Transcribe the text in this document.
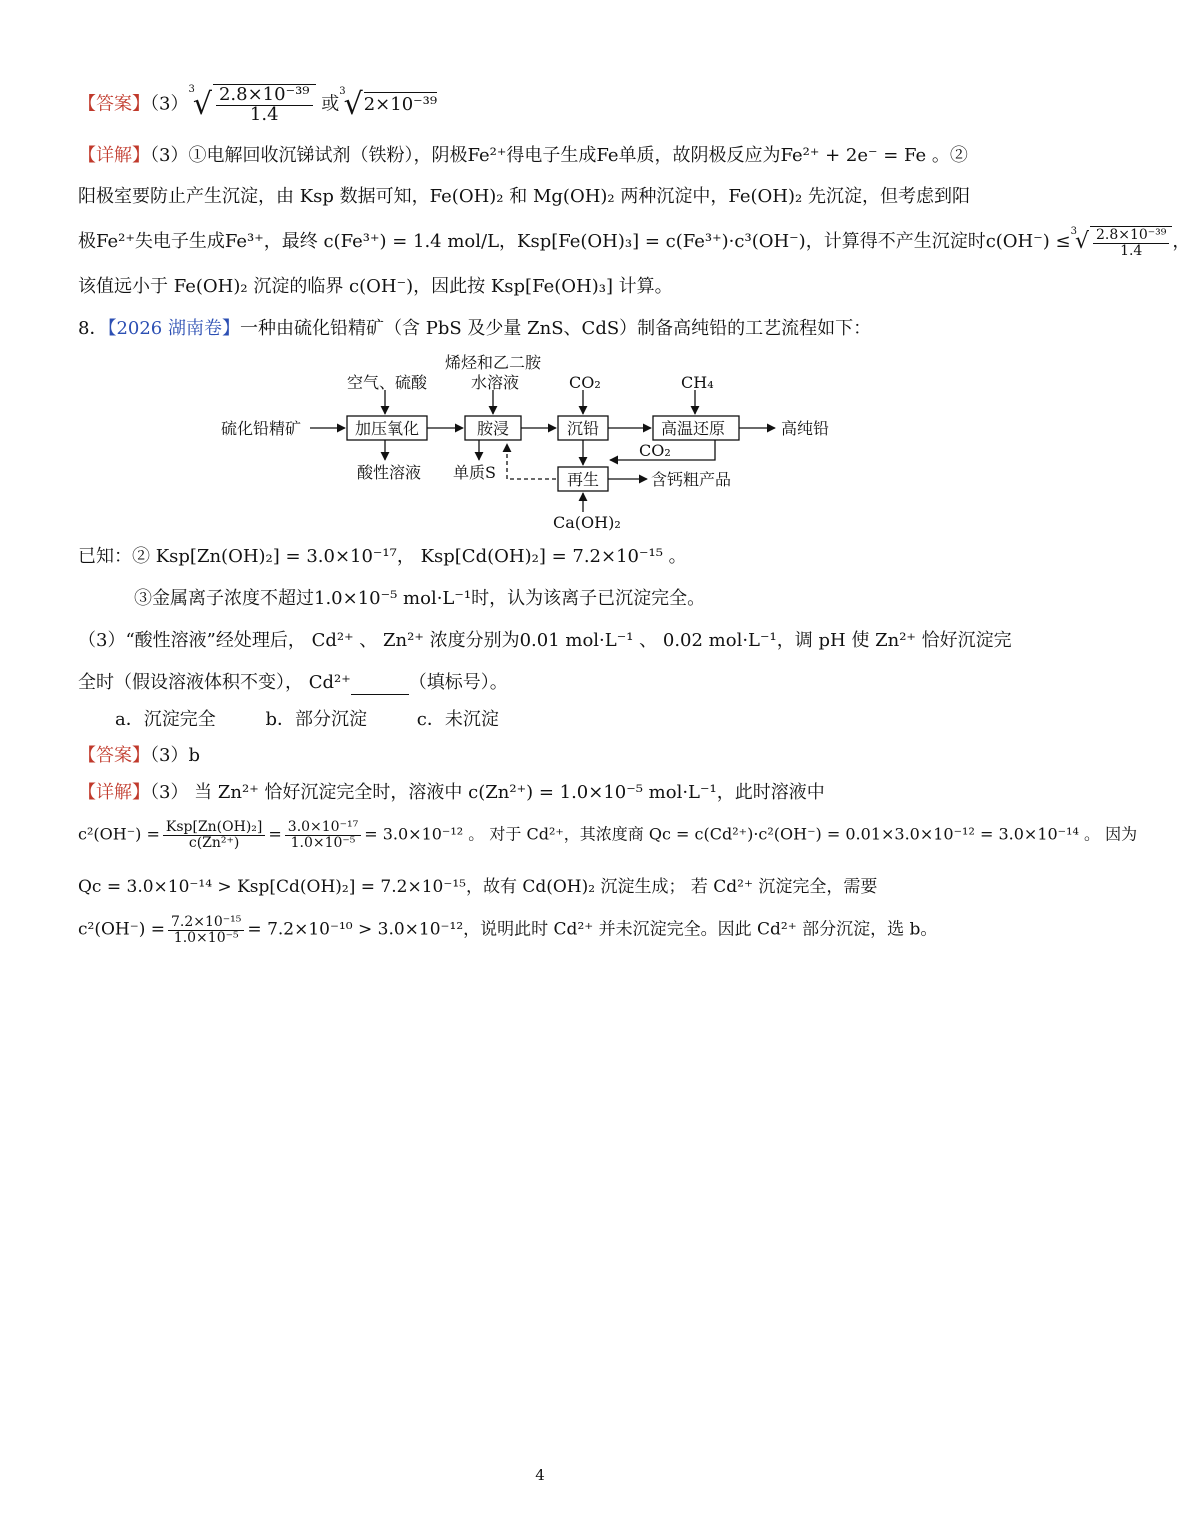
【答案】（3）
3
√ $\frac{\text{2.8×10⁻³⁹}}{1.4}$ 或
3
√ 2×10⁻³⁹
【详解】（3）①电解回收沉锑试剂（铁粉），阴极Fe²⁺得电子生成Fe单质，故阴极反应为Fe²⁺ + 2e⁻ = Fe 。②
阳极室要防止产生沉淀，由 Ksp 数据可知，Fe(OH)₂ 和 Mg(OH)₂ 两种沉淀中，Fe(OH)₂ 先沉淀，但考虑到阳
极Fe²⁺失电子生成Fe³⁺，最终 c(Fe³⁺) = 1.4 mol/L，Ksp[Fe(OH)₃] = c(Fe³⁺)·c³(OH⁻)，计算得不产生沉淀时c(OH⁻) ≤ 3
√ $\frac{\text{2.8×10⁻³⁹}}{1.4}$ ，
该值远小于 Fe(OH)₂ 沉淀的临界 c(OH⁻)，因此按 Ksp[Fe(OH)₃] 计算。
8．【2026 湖南卷】一种由硫化铅精矿（含 PbS 及少量 ZnS、CdS）制备高纯铅的工艺流程如下：
空气、硫酸
烯烃和乙二胺
水溶液	CO₂	CH₄
硫化铅精矿	加压氧化	胺浸	沉铅	高温还原	高纯铅
CO₂
酸性溶液 单质S	再生	含钙粗产品
Ca(OH)₂
已知：② Ksp[Zn(OH)₂] = 3.0×10⁻¹⁷， Ksp[Cd(OH)₂] = 7.2×10⁻¹⁵ 。
③金属离子浓度不超过1.0×10⁻⁵ mol·L⁻¹时，认为该离子已沉淀完全。
（3）“酸性溶液”经处理后， Cd²⁺ 、 Zn²⁺ 浓度分别为0.01 mol·L⁻¹ 、 0.02 mol·L⁻¹，调 pH 使 Zn²⁺ 恰好沉淀完
全时（假设溶液体积不变）， Cd²⁺	（填标号）。
a．沉淀完全	b．部分沉淀	c．未沉淀
【答案】（3）b
【详解】（3） 当 Zn²⁺ 恰好沉淀完全时，溶液中 c(Zn²⁺) = 1.0×10⁻⁵ mol·L⁻¹，此时溶液中
$c^2(OH^-) = \frac{\text{Ksp[Zn(OH)₂]}}{\text{c(Zn²⁺)}} = \frac{\text{3.0×10⁻¹⁷}}{\text{1.0×10⁻⁵}} = 3.0\times 10^{-12}$ 。 对于 Cd²⁺，其浓度商 Qc = c(Cd²⁺)·c²(OH⁻) = 0.01×3.0×10⁻¹² = 3.0×10⁻¹⁴ 。 因为
Qc = 3.0×10⁻¹⁴ > Ksp[Cd(OH)₂] = 7.2×10⁻¹⁵，故有 Cd(OH)₂ 沉淀生成； 若 Cd²⁺ 沉淀完全，需要
$c^2(OH^-) = \frac{\text{7.2×10⁻¹⁵}}{\text{1.0×10⁻⁵}} = 7.2\times 10^{-10} > 3.0\times 10^{-12}$，说明此时 Cd²⁺ 并未沉淀完全。因此 Cd²⁺ 部分沉淀，选 b。
4
